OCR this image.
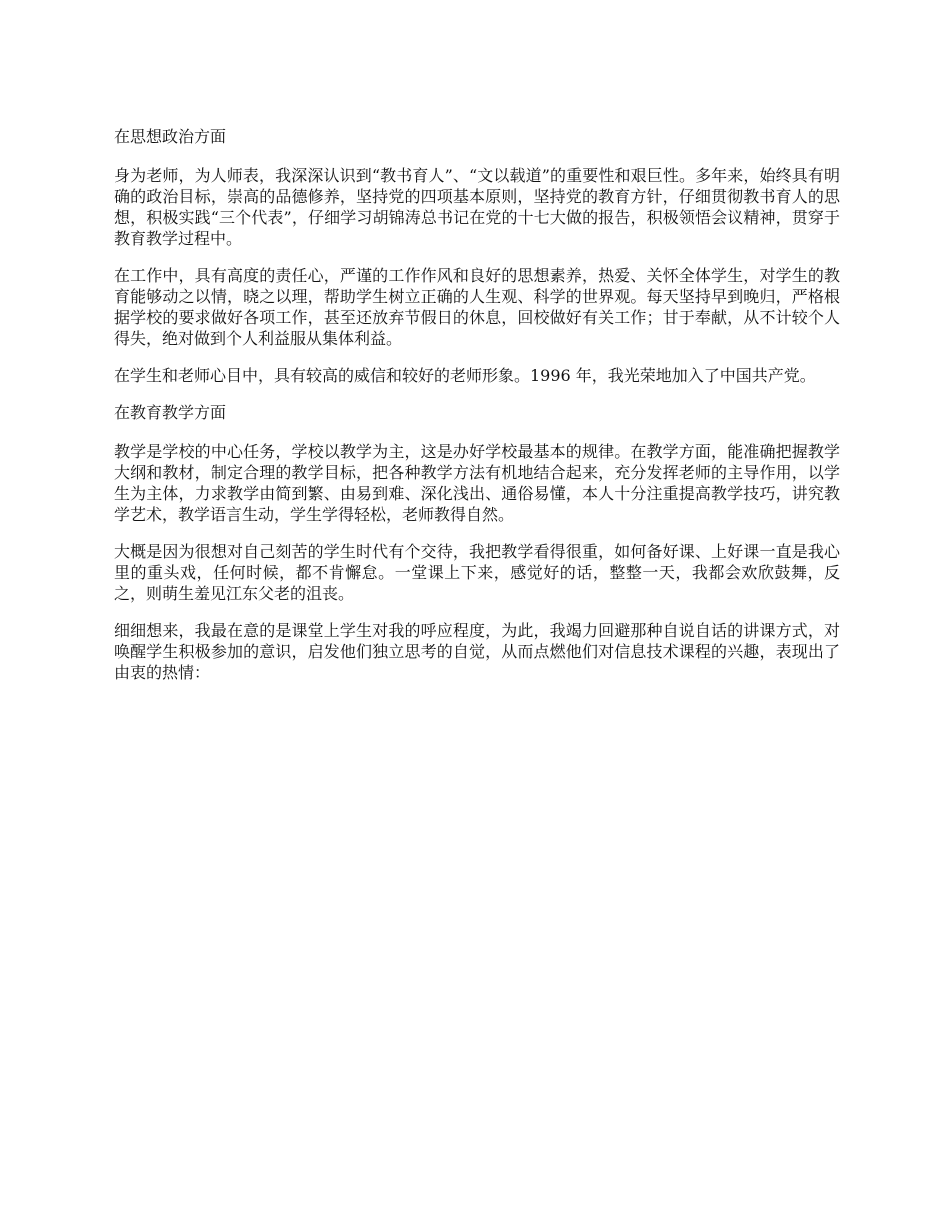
在思想政治方面

身为老师，为人师表，我深深认识到“教书育人”、“文以载道”的重要性和艰巨性。多年来，始终具有明确的政治目标，崇高的品德修养，坚持党的四项基本原则，坚持党的教育方针，仔细贯彻教书育人的思想，积极实践“三个代表”，仔细学习胡锦涛总书记在党的十七大做的报告，积极领悟会议精神，贯穿于教育教学过程中。

在工作中，具有高度的责任心，严谨的工作作风和良好的思想素养，热爱、关怀全体学生，对学生的教育能够动之以情，晓之以理，帮助学生树立正确的人生观、科学的世界观。每天坚持早到晚归，严格根据学校的要求做好各项工作，甚至还放弃节假日的休息，回校做好有关工作；甘于奉献，从不计较个人得失，绝对做到个人利益服从集体利益。

在学生和老师心目中，具有较高的威信和较好的老师形象。1996 年，我光荣地加入了中国共产党。

在教育教学方面

教学是学校的中心任务，学校以教学为主，这是办好学校最基本的规律。在教学方面，能准确把握教学大纲和教材，制定合理的教学目标，把各种教学方法有机地结合起来，充分发挥老师的主导作用，以学生为主体，力求教学由简到繁、由易到难、深化浅出、通俗易懂，本人十分注重提高教学技巧，讲究教学艺术，教学语言生动，学生学得轻松，老师教得自然。

大概是因为很想对自己刻苦的学生时代有个交待，我把教学看得很重，如何备好课、上好课一直是我心里的重头戏，任何时候，都不肯懈怠。一堂课上下来，感觉好的话，整整一天，我都会欢欣鼓舞，反之，则萌生羞见江东父老的沮丧。

细细想来，我最在意的是课堂上学生对我的呼应程度，为此，我竭力回避那种自说自话的讲课方式，对唤醒学生积极参加的意识，启发他们独立思考的自觉，从而点燃他们对信息技术课程的兴趣，表现出了由衷的热情：
